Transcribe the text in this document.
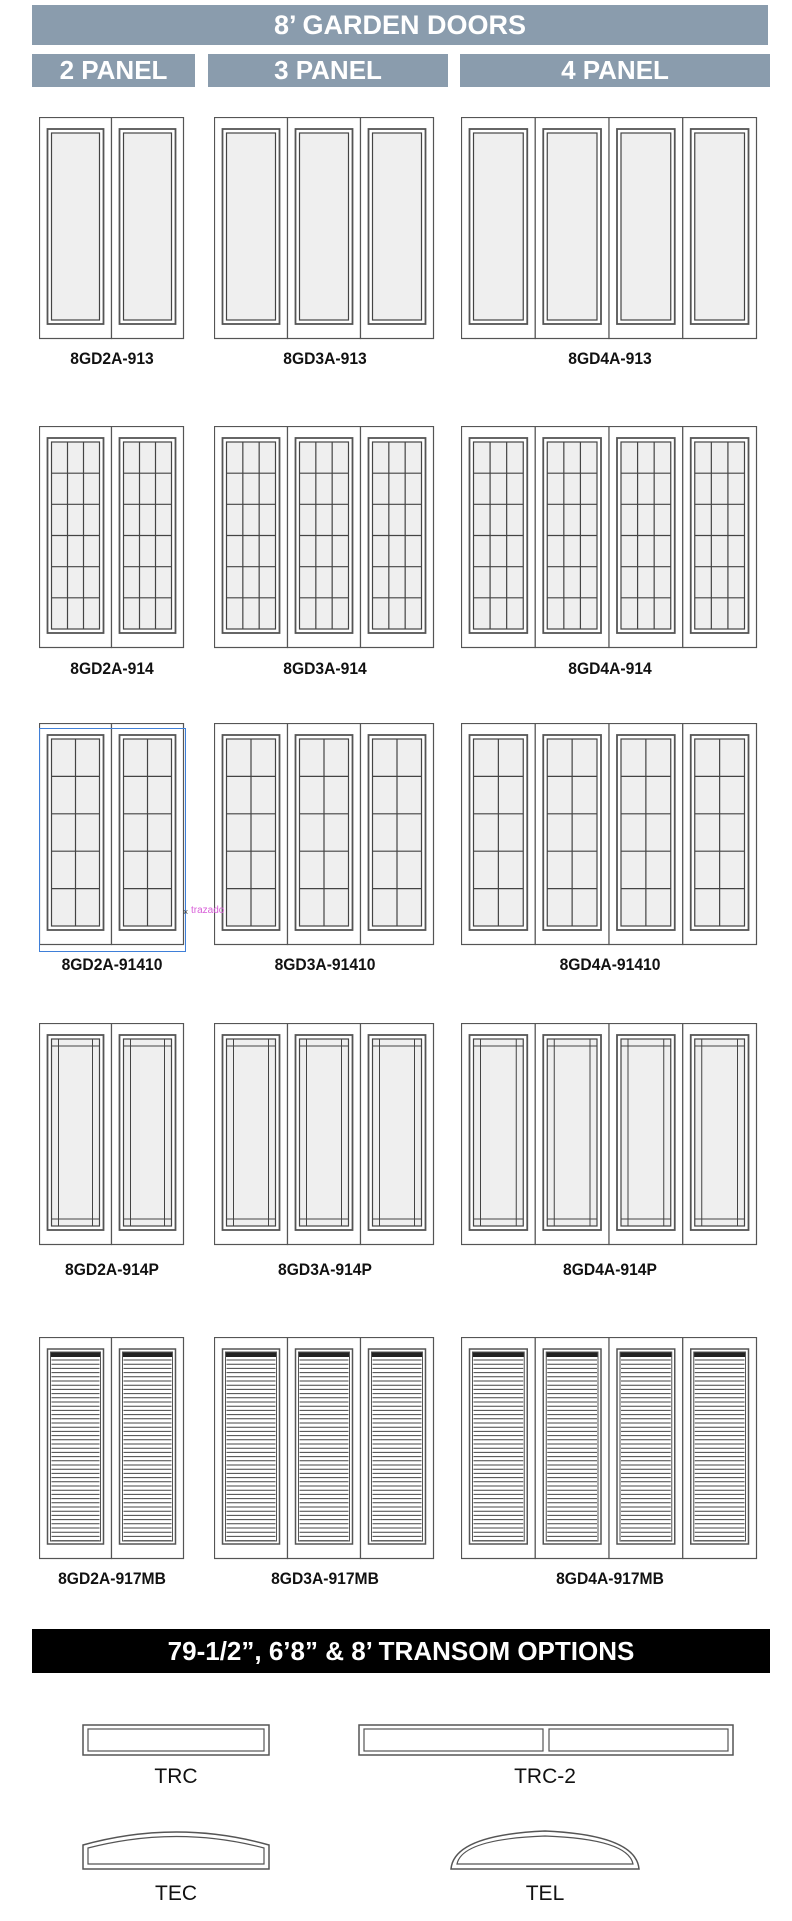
8’ GARDEN DOORS
2 PANEL	3 PANEL	4 PANEL
8GD2A-913	8GD3A-913	8GD4A-913
8GD2A-914	8GD3A-914	8GD4A-914
8GD2A-91410	8GD3A-91410	8GD4A-91410
8GD2A-914P	8GD3A-914P	8GD4A-914P
8GD2A-917MB	8GD3A-917MB	8GD4A-917MB
× trazado
79-1/2”, 6’8” & 8’ TRANSOM OPTIONS
TRC	TRC-2
TEC	TEL
